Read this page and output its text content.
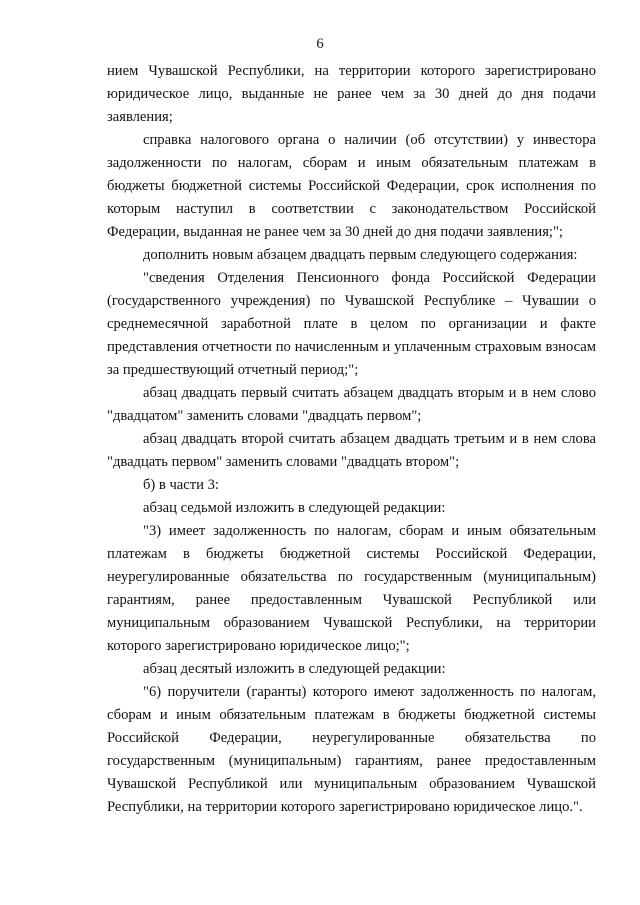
6

нием Чувашской Республики, на территории которого зарегистрировано юридическое лицо, выданные не ранее чем за 30 дней до дня подачи заявления;

справка налогового органа о наличии (об отсутствии) у инвестора задолженности по налогам, сборам и иным обязательным платежам в бюджеты бюджетной системы Российской Федерации, срок исполнения по которым наступил в соответствии с законодательством Российской Федерации, выданная не ранее чем за 30 дней до дня подачи заявления;";

дополнить новым абзацем двадцать первым следующего содержания:

"сведения Отделения Пенсионного фонда Российской Федерации (государственного учреждения) по Чувашской Республике – Чувашии о среднемесячной заработной плате в целом по организации и факте представления отчетности по начисленным и уплаченным страховым взносам за предшествующий отчетный период;";

абзац двадцать первый считать абзацем двадцать вторым и в нем слово "двадцатом" заменить словами "двадцать первом";

абзац двадцать второй считать абзацем двадцать третьим и в нем слова "двадцать первом" заменить словами "двадцать втором";

б) в части 3:

абзац седьмой изложить в следующей редакции:

"3) имеет задолженность по налогам, сборам и иным обязательным платежам в бюджеты бюджетной системы Российской Федерации, неурегулированные обязательства по государственным (муниципальным) гарантиям, ранее предоставленным Чувашской Республикой или муниципальным образованием Чувашской Республики, на территории которого зарегистрировано юридическое лицо;";

абзац десятый изложить в следующей редакции:

"6) поручители (гаранты) которого имеют задолженность по налогам, сборам и иным обязательным платежам в бюджеты бюджетной системы Российской Федерации, неурегулированные обязательства по государственным (муниципальным) гарантиям, ранее предоставленным Чувашской Республикой или муниципальным образованием Чувашской Республики, на территории которого зарегистрировано юридическое лицо.".
